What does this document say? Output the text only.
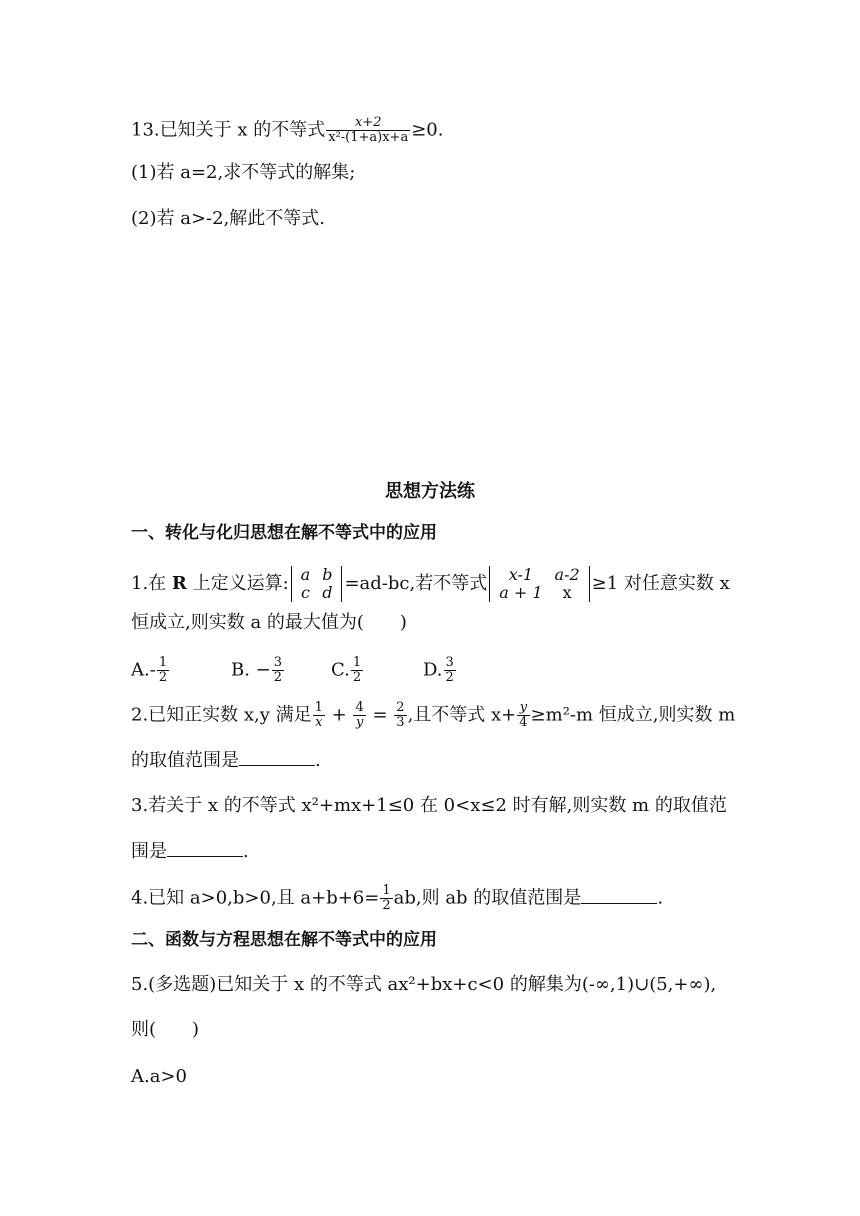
13.已知关于 x 的不等式 $\frac{x+2}{\text{x²-(1+a)x+a}} \ge 0$.
(1)若 a=2,求不等式的解集;
(2)若 a>-2,解此不等式.
思想方法练
一、转化与化归思想在解不等式中的应用
1.在 R 上定义运算: a	b
c	d =ad-bc,若不等式 x-1	a-2
a + 1	x ≥1 对任意实数 x
恒成立,则实数 a 的最大值为(　　)
$A.- \frac{1}{2}$	B. − $\frac{3}{2}$	C. $\frac{1}{2}$	D. $\frac{3}{2}$
2.已知正实数 x,y 满足 $\frac{1}{x} + \frac{4}{y} = \frac{2}{3}$ ,且不等式 $x+ \frac{y}{4} \ge m^2-m$ 恒成立,则实数 m
的取值范围是	.
3.若关于 x 的不等式 x²+mx+1≤0 在 0<x≤2 时有解,则实数 m 的取值范
围是	.
4.已知 a>0,b>0,且 $a+b+6= \frac{1}{2}$ ab,则 ab 的取值范围是	.
二、函数与方程思想在解不等式中的应用
5.(多选题)已知关于 x 的不等式 ax²+bx+c<0 的解集为(-∞,1)∪(5,+∞),
则(　　)
A.a>0
